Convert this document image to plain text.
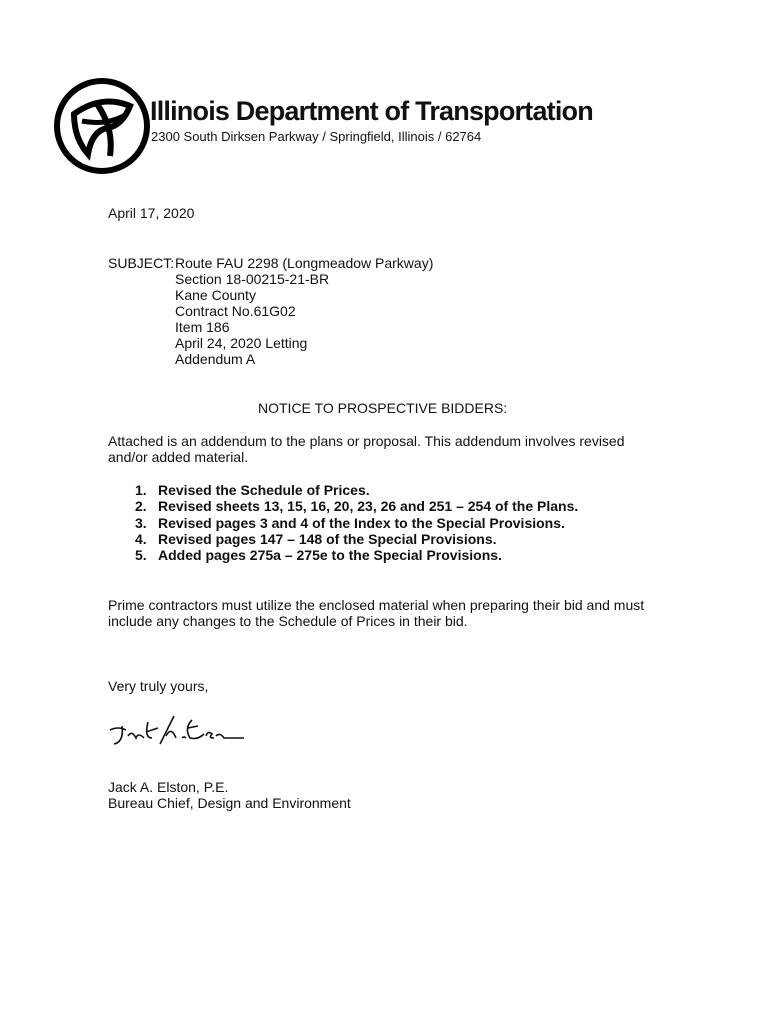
Illinois Department of Transportation
2300 South Dirksen Parkway / Springfield, Illinois / 62764
April 17, 2020
SUBJECT: Route FAU 2298 (Longmeadow Parkway)
Section 18-00215-21-BR
Kane County
Contract No.61G02
Item 186
April 24, 2020 Letting
Addendum A
NOTICE TO PROSPECTIVE BIDDERS:
Attached is an addendum to the plans or proposal. This addendum involves revised
and/or added material.
1. Revised the Schedule of Prices.
2. Revised sheets 13, 15, 16, 20, 23, 26 and 251 – 254 of the Plans.
3. Revised pages 3 and 4 of the Index to the Special Provisions.
4. Revised pages 147 – 148 of the Special Provisions.
5. Added pages 275a – 275e to the Special Provisions.
Prime contractors must utilize the enclosed material when preparing their bid and must
include any changes to the Schedule of Prices in their bid.
Very truly yours,
Jack A. Elston, P.E.
Bureau Chief, Design and Environment
